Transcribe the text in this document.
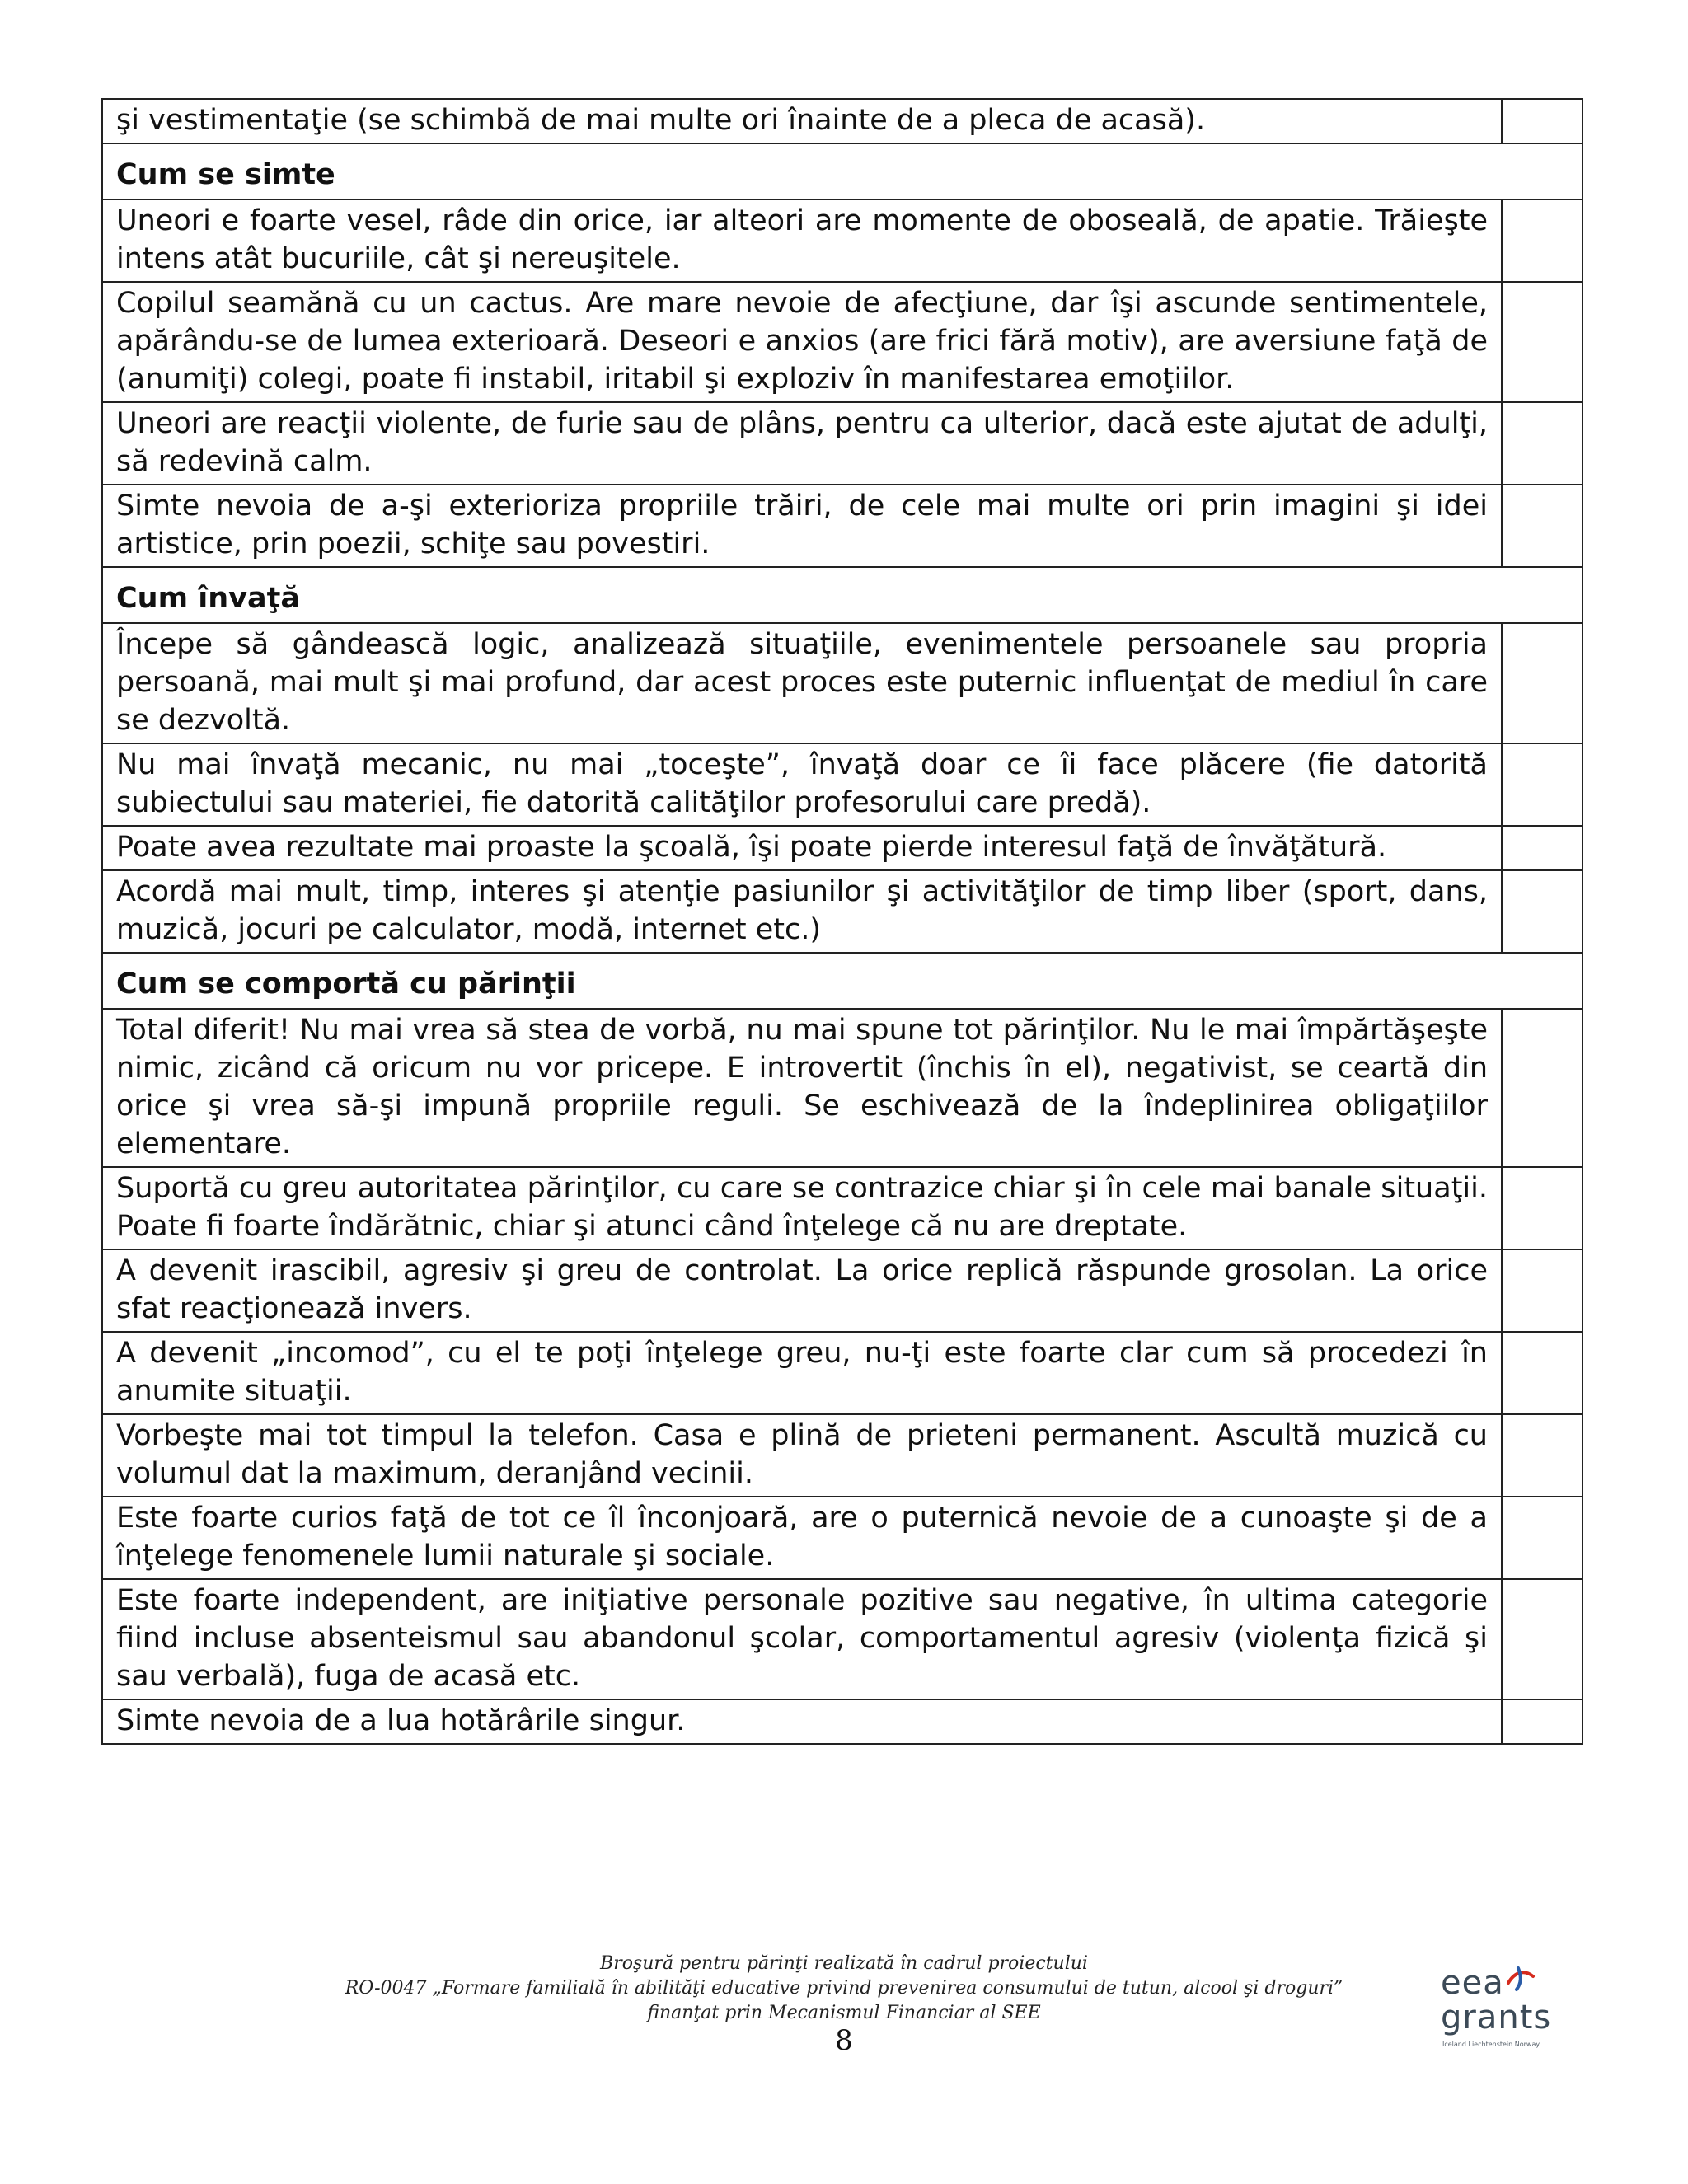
şi vestimentaţie (se schimbă de mai multe ori înainte de a pleca de acasă).	
Cum se simte	
Uneori e foarte vesel, râde din orice, iar alteori are momente de oboseală, de apatie. Trăieşte intens atât bucuriile, cât şi nereuşitele.	
Copilul seamănă cu un cactus. Are mare nevoie de afecţiune, dar îşi ascunde sentimentele, apărându-se de lumea exterioară. Deseori e anxios (are frici fără motiv), are aversiune faţă de (anumiţi) colegi, poate fi instabil, iritabil şi exploziv în manifestarea emoţiilor.	
Uneori are reacţii violente, de furie sau de plâns, pentru ca ulterior, dacă este ajutat de adulţi, să redevină calm.	
Simte nevoia de a-şi exterioriza propriile trăiri, de cele mai multe ori prin imagini şi idei artistice, prin poezii, schiţe sau povestiri.	
Cum învaţă	
Începe să gândească logic, analizează situaţiile, evenimentele persoanele sau propria persoană, mai mult şi mai profund, dar acest proces este puternic influenţat de mediul în care se dezvoltă.	
Nu mai învaţă mecanic, nu mai „toceşte”, învaţă doar ce îi face plăcere (fie datorită subiectului sau materiei, fie datorită calităţilor profesorului care predă).	
Poate avea rezultate mai proaste la şcoală, îşi poate pierde interesul faţă de învăţătură.	
Acordă mai mult, timp, interes şi atenţie pasiunilor şi activităţilor de timp liber (sport, dans, muzică, jocuri pe calculator, modă, internet etc.)	
Cum se comportă cu părinţii	
Total diferit! Nu mai vrea să stea de vorbă, nu mai spune tot părinţilor. Nu le mai împărtăşeşte nimic, zicând că oricum nu vor pricepe. E introvertit (închis în el), negativist, se ceartă din orice şi vrea să-şi impună propriile reguli. Se eschivează de la îndeplinirea obligaţiilor elementare.	
Suportă cu greu autoritatea părinţilor, cu care se contrazice chiar şi în cele mai banale situaţii. Poate fi foarte îndărătnic, chiar şi atunci când înţelege că nu are dreptate.	
A devenit irascibil, agresiv şi greu de controlat. La orice replică răspunde grosolan. La orice sfat reacţionează invers.	
A devenit „incomod”, cu el te poţi înţelege greu, nu-ţi este foarte clar cum să procedezi în anumite situaţii.	
Vorbeşte mai tot timpul la telefon. Casa e plină de prieteni permanent. Ascultă muzică cu volumul dat la maximum, deranjând vecinii.	
Este foarte curios faţă de tot ce îl înconjoară, are o puternică nevoie de a cunoaşte şi de a înţelege fenomenele lumii naturale şi sociale.	
Este foarte independent, are iniţiative personale pozitive sau negative, în ultima categorie fiind incluse absenteismul sau abandonul şcolar, comportamentul agresiv (violenţa fizică şi sau verbală), fuga de acasă etc.	
Simte nevoia de a lua hotărârile singur.	

Broşură pentru părinţi realizată în cadrul proiectului

RO-0047 „Formare familială în abilităţi educative privind prevenirea consumului de tutun, alcool şi droguri”

finanţat prin Mecanismul Financiar al SEE

8
eea
grants
Iceland Liechtenstein Norway
